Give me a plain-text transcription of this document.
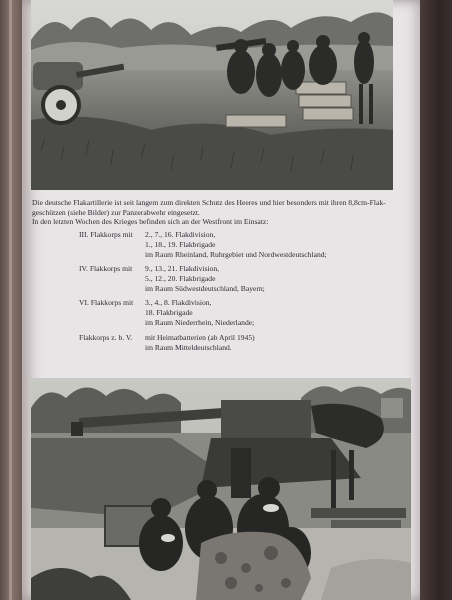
Die deutsche Flakartillerie ist seit langem zum direkten Schutz des Heeres und hier besonders mit ihren 8,8cm-Flak-

geschützen (siehe Bilder) zur Panzerabwehr eingesetzt.

In den letzten Wochen des Krieges befinden sich an der Westfront im Einsatz:

III. Flakkorps mit	2., 7., 16. Flakdivision,
1., 18., 19. Flakbrigade
im Raum Rheinland, Ruhrgebiet und Nordwestdeutschland;
IV. Flakkorps mit	9., 13., 21. Flakdivision,
5., 12., 20. Flakbrigade
im Raum Südwestdeutschland, Bayern;
VI. Flakkorps mit	3., 4., 8. Flakdivision,
18. Flakbrigade
im Raum Niederrhein, Niederlande;
Flakkorps z. b. V.	mit Heimatbatterien (ab April 1945)
im Raum Mitteldeutschland.
